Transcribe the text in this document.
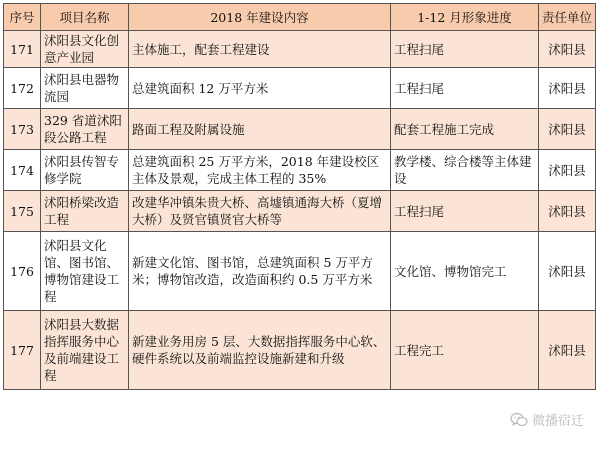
序号	项目名称	2018 年建设内容	1-12 月形象进度	责任单位
171	沭阳县文化创意产业园	主体施工，配套工程建设	工程扫尾	沭阳县
172	沭阳县电器物流园	总建筑面积 12 万平方米	工程扫尾	沭阳县
173	329 省道沭阳段公路工程	路面工程及附属设施	配套工程施工完成	沭阳县
174	沭阳县传智专修学院	总建筑面积 25 万平方米，2018 年建设校区主体及景观，完成主体工程的 35%	教学楼、综合楼等主体建设	沭阳县
175	沭阳桥梁改造工程	改建华冲镇朱贵大桥、高墟镇通海大桥（夏增大桥）及贤官镇贤官大桥等	工程扫尾	沭阳县
176	沭阳县文化馆、图书馆、博物馆建设工程	新建文化馆、图书馆，总建筑面积 5 万平方米；博物馆改造，改造面积约 0.5 万平方米	文化馆、博物馆完工	沭阳县
177	沭阳县大数据指挥服务中心及前端建设工程	新建业务用房 5 层、大数据指挥服务中心软、硬件系统以及前端监控设施新建和升级	工程完工	沭阳县
微播宿迁
